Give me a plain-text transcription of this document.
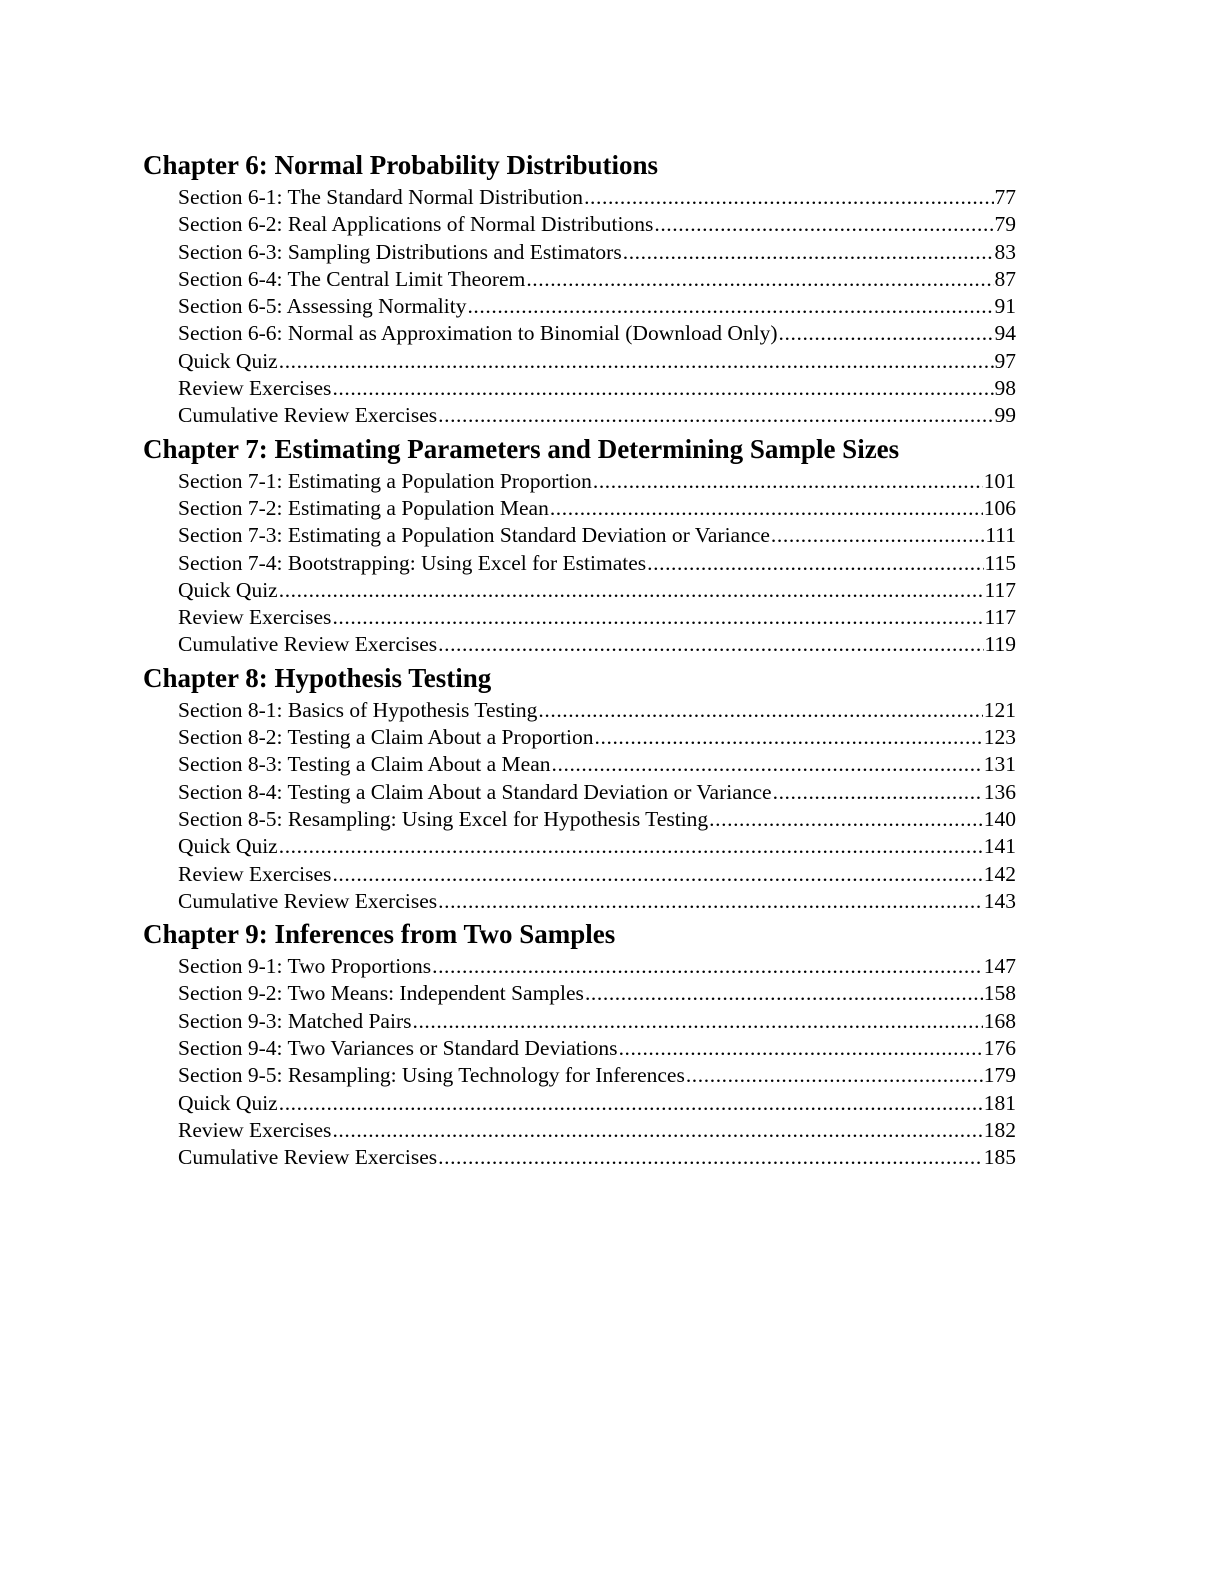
Chapter 6: Normal Probability Distributions
Section 6-1: The Standard Normal Distribution .....	77
Section 6-2: Real Applications of Normal Distributions .....	79
Section 6-3: Sampling Distributions and Estimators .....	83
Section 6-4: The Central Limit Theorem .....	87
Section 6-5: Assessing Normality .....	91
Section 6-6: Normal as Approximation to Binomial (Download Only) .....	94
Quick Quiz .....	97
Review Exercises .....	98
Cumulative Review Exercises .....	99
Chapter 7: Estimating Parameters and Determining Sample Sizes
Section 7-1: Estimating a Population Proportion .....	101
Section 7-2: Estimating a Population Mean .....	106
Section 7-3: Estimating a Population Standard Deviation or Variance .....	111
Section 7-4: Bootstrapping: Using Excel for Estimates .....	115
Quick Quiz .....	117
Review Exercises .....	117
Cumulative Review Exercises .....	119
Chapter 8: Hypothesis Testing
Section 8-1: Basics of Hypothesis Testing .....	121
Section 8-2: Testing a Claim About a Proportion .....	123
Section 8-3: Testing a Claim About a Mean .....	131
Section 8-4: Testing a Claim About a Standard Deviation or Variance .....	136
Section 8-5: Resampling: Using Excel for Hypothesis Testing .....	140
Quick Quiz .....	141
Review Exercises .....	142
Cumulative Review Exercises .....	143
Chapter 9: Inferences from Two Samples
Section 9-1: Two Proportions .....	147
Section 9-2: Two Means: Independent Samples .....	158
Section 9-3: Matched Pairs .....	168
Section 9-4: Two Variances or Standard Deviations .....	176
Section 9-5: Resampling: Using Technology for Inferences .....	179
Quick Quiz .....	181
Review Exercises .....	182
Cumulative Review Exercises .....	185
